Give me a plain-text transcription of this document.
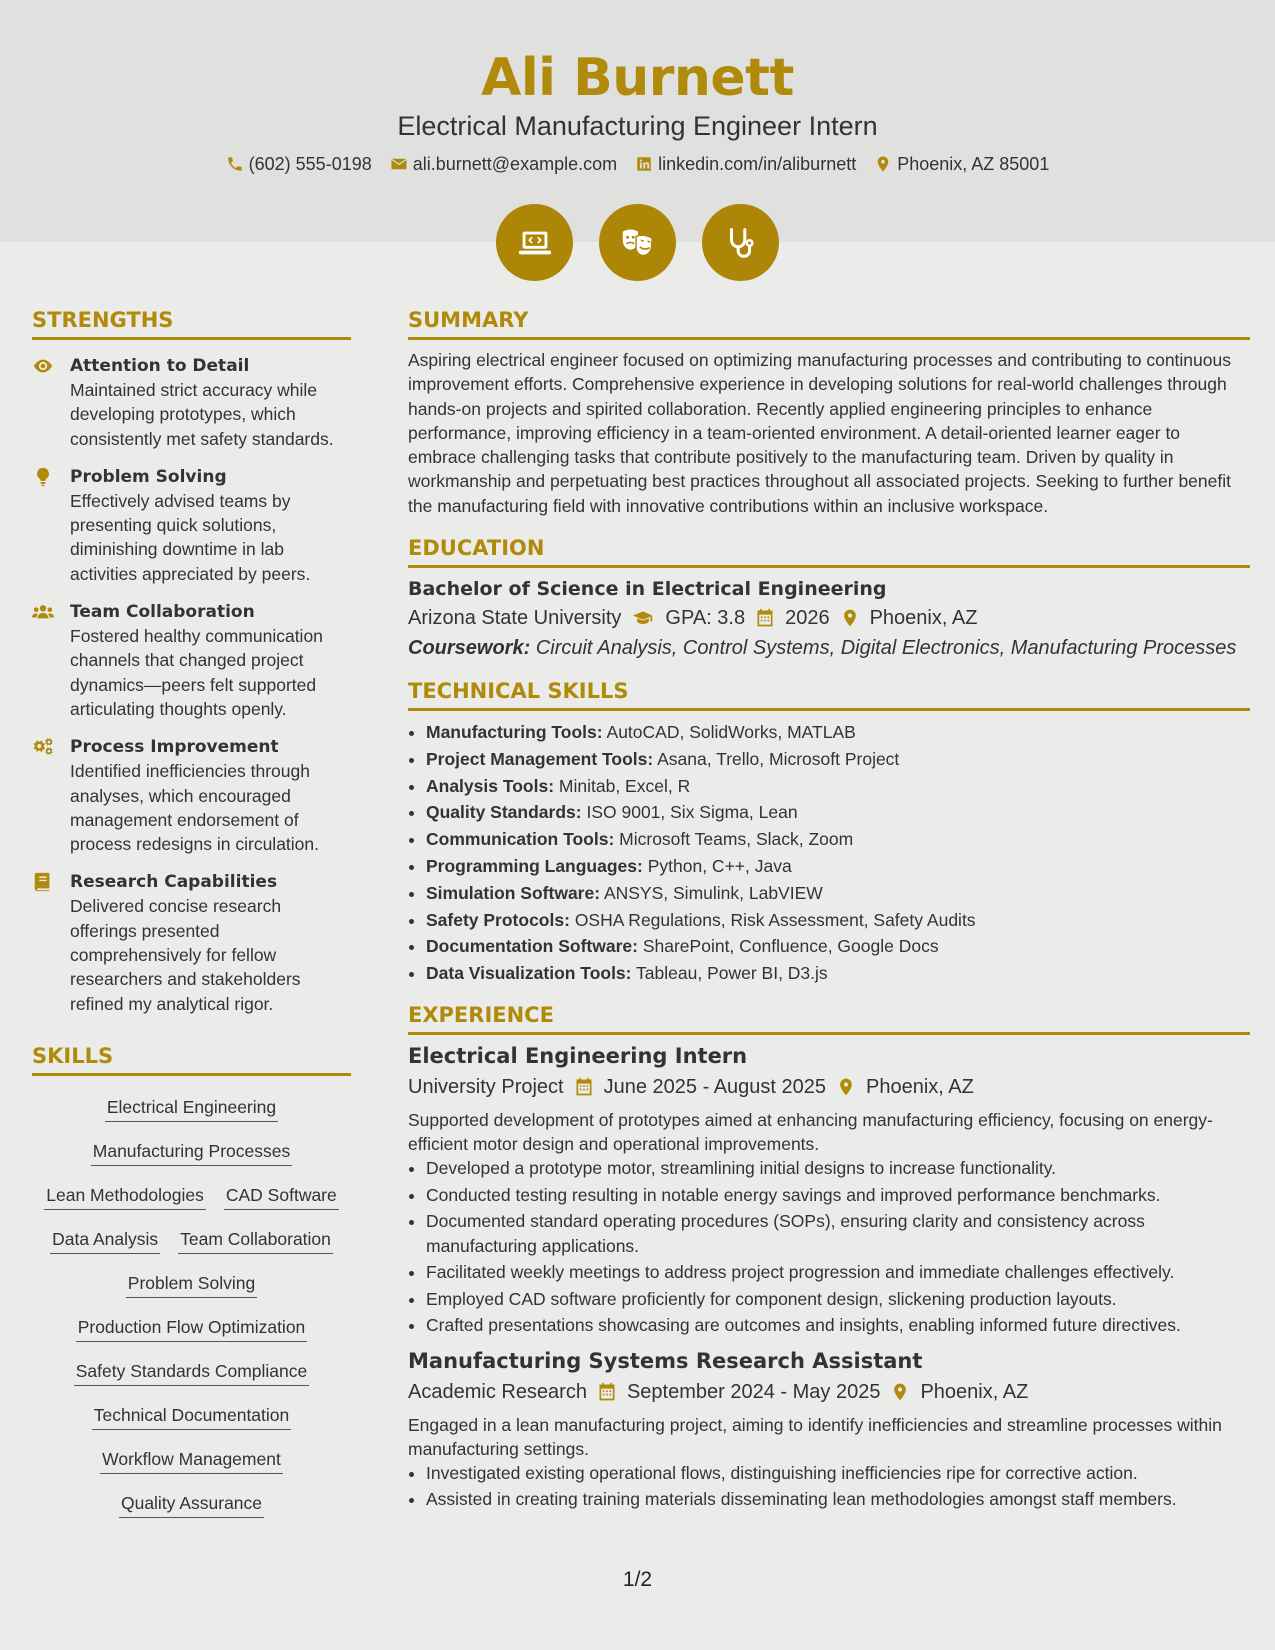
Ali Burnett
Electrical Manufacturing Engineer Intern
(602) 555-0198 ali.burnett@example.com linkedin.com/in/aliburnett Phoenix, AZ 85001
STRENGTHS
Attention to Detail
Maintained strict accuracy while developing prototypes, which consistently met safety standards.
Problem Solving
Effectively advised teams by presenting quick solutions, diminishing downtime in lab activities appreciated by peers.
Team Collaboration
Fostered healthy communication channels that changed project dynamics—peers felt supported articulating thoughts openly.
Process Improvement
Identified inefficiencies through analyses, which encouraged management endorsement of process redesigns in circulation.
Research Capabilities
Delivered concise research offerings presented comprehensively for fellow researchers and stakeholders refined my analytical rigor.
SKILLS
Electrical Engineering
Manufacturing Processes
Lean Methodologies CAD Software
Data Analysis Team Collaboration
Problem Solving
Production Flow Optimization
Safety Standards Compliance
Technical Documentation
Workflow Management
Quality Assurance
SUMMARY

Aspiring electrical engineer focused on optimizing manufacturing processes and contributing to continuous improvement efforts. Comprehensive experience in developing solutions for real-world challenges through hands-on projects and spirited collaboration. Recently applied engineering principles to enhance performance, improving efficiency in a team-oriented environment. A detail-oriented learner eager to embrace challenging tasks that contribute positively to the manufacturing team. Driven by quality in workmanship and perpetuating best practices throughout all associated projects. Seeking to further benefit the manufacturing field with innovative contributions within an inclusive workspace.

EDUCATION
Bachelor of Science in Electrical Engineering
Arizona State University GPA: 3.8 2026 Phoenix, AZ
Coursework: Circuit Analysis, Control Systems, Digital Electronics, Manufacturing Processes
TECHNICAL SKILLS
• Manufacturing Tools: AutoCAD, SolidWorks, MATLAB
• Project Management Tools: Asana, Trello, Microsoft Project
• Analysis Tools: Minitab, Excel, R
• Quality Standards: ISO 9001, Six Sigma, Lean
• Communication Tools: Microsoft Teams, Slack, Zoom
• Programming Languages: Python, C++, Java
• Simulation Software: ANSYS, Simulink, LabVIEW
• Safety Protocols: OSHA Regulations, Risk Assessment, Safety Audits
• Documentation Software: SharePoint, Confluence, Google Docs
• Data Visualization Tools: Tableau, Power BI, D3.js
EXPERIENCE
Electrical Engineering Intern
University Project June 2025 - August 2025 Phoenix, AZ
Supported development of prototypes aimed at enhancing manufacturing efficiency, focusing on energy-efficient motor design and operational improvements.
• Developed a prototype motor, streamlining initial designs to increase functionality.
• Conducted testing resulting in notable energy savings and improved performance benchmarks.
• Documented standard operating procedures (SOPs), ensuring clarity and consistency across manufacturing applications.
• Facilitated weekly meetings to address project progression and immediate challenges effectively.
• Employed CAD software proficiently for component design, slickening production layouts.
• Crafted presentations showcasing are outcomes and insights, enabling informed future directives.
Manufacturing Systems Research Assistant
Academic Research September 2024 - May 2025 Phoenix, AZ
Engaged in a lean manufacturing project, aiming to identify inefficiencies and streamline processes within manufacturing settings.
• Investigated existing operational flows, distinguishing inefficiencies ripe for corrective action.
• Assisted in creating training materials disseminating lean methodologies amongst staff members.
1/2
